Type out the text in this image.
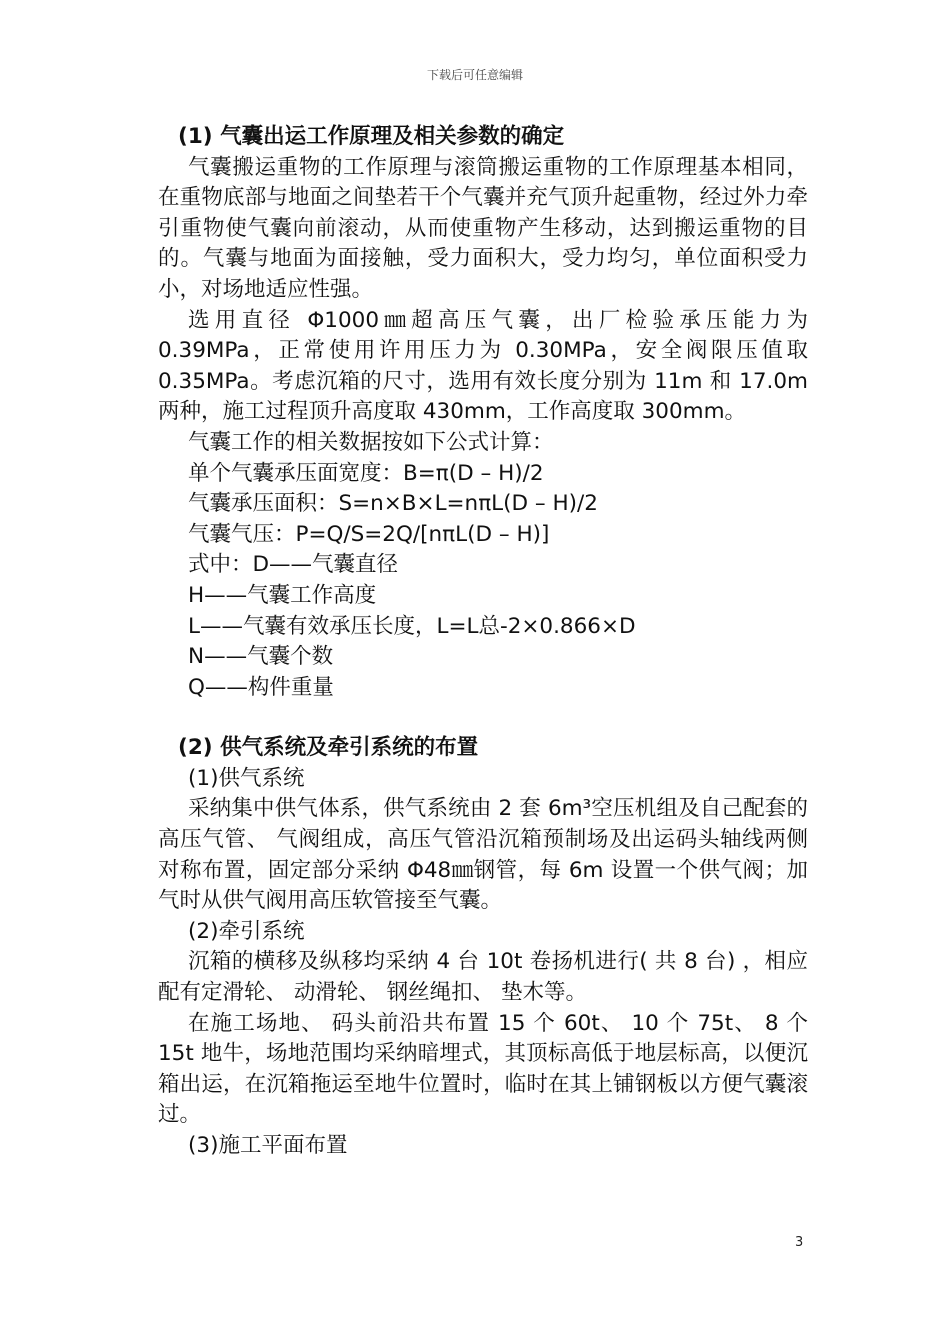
下载后可任意编辑

(1) 气囊出运工作原理及相关参数的确定

气囊搬运重物的工作原理与滚筒搬运重物的工作原理基本相同，在重物底部与地面之间垫若干个气囊并充气顶升起重物，经过外力牵引重物使气囊向前滚动，从而使重物产生移动，达到搬运重物的目的。气囊与地面为面接触，受力面积大，受力均匀，单位面积受力小，对场地适应性强。

选用直径 Φ1000㎜超高压气囊，出厂检验承压能力为 0.39MPa，正常使用许用压力为 0.30MPa，安全阀限压值取 0.35MPa。考虑沉箱的尺寸，选用有效长度分别为 11m 和 17.0m 两种，施工过程顶升高度取 430mm，工作高度取 300mm。

气囊工作的相关数据按如下公式计算：

单个气囊承压面宽度：B=π(D – H)/2

气囊承压面积：S=n×B×L=nπL(D – H)/2

气囊气压：P=Q/S=2Q/[nπL(D – H)]

式中：D——气囊直径

H——气囊工作高度

L——气囊有效承压长度，L=L总-2×0.866×D

N——气囊个数

Q——构件重量

(2) 供气系统及牵引系统的布置

(1)供气系统

采纳集中供气体系，供气系统由 2 套 6m³空压机组及自己配套的高压气管、 气阀组成，高压气管沿沉箱预制场及出运码头轴线两侧对称布置，固定部分采纳 Φ48㎜钢管，每 6m 设置一个供气阀；加气时从供气阀用高压软管接至气囊。

(2)牵引系统

沉箱的横移及纵移均采纳 4 台 10t 卷扬机进行( 共 8 台) ，相应配有定滑轮、 动滑轮、 钢丝绳扣、 垫木等。

在施工场地、 码头前沿共布置 15 个 60t、 10 个 75t、 8 个 15t 地牛，场地范围均采纳暗埋式，其顶标高低于地层标高，以便沉箱出运，在沉箱拖运至地牛位置时，临时在其上铺钢板以方便气囊滚过。

(3)施工平面布置

3
